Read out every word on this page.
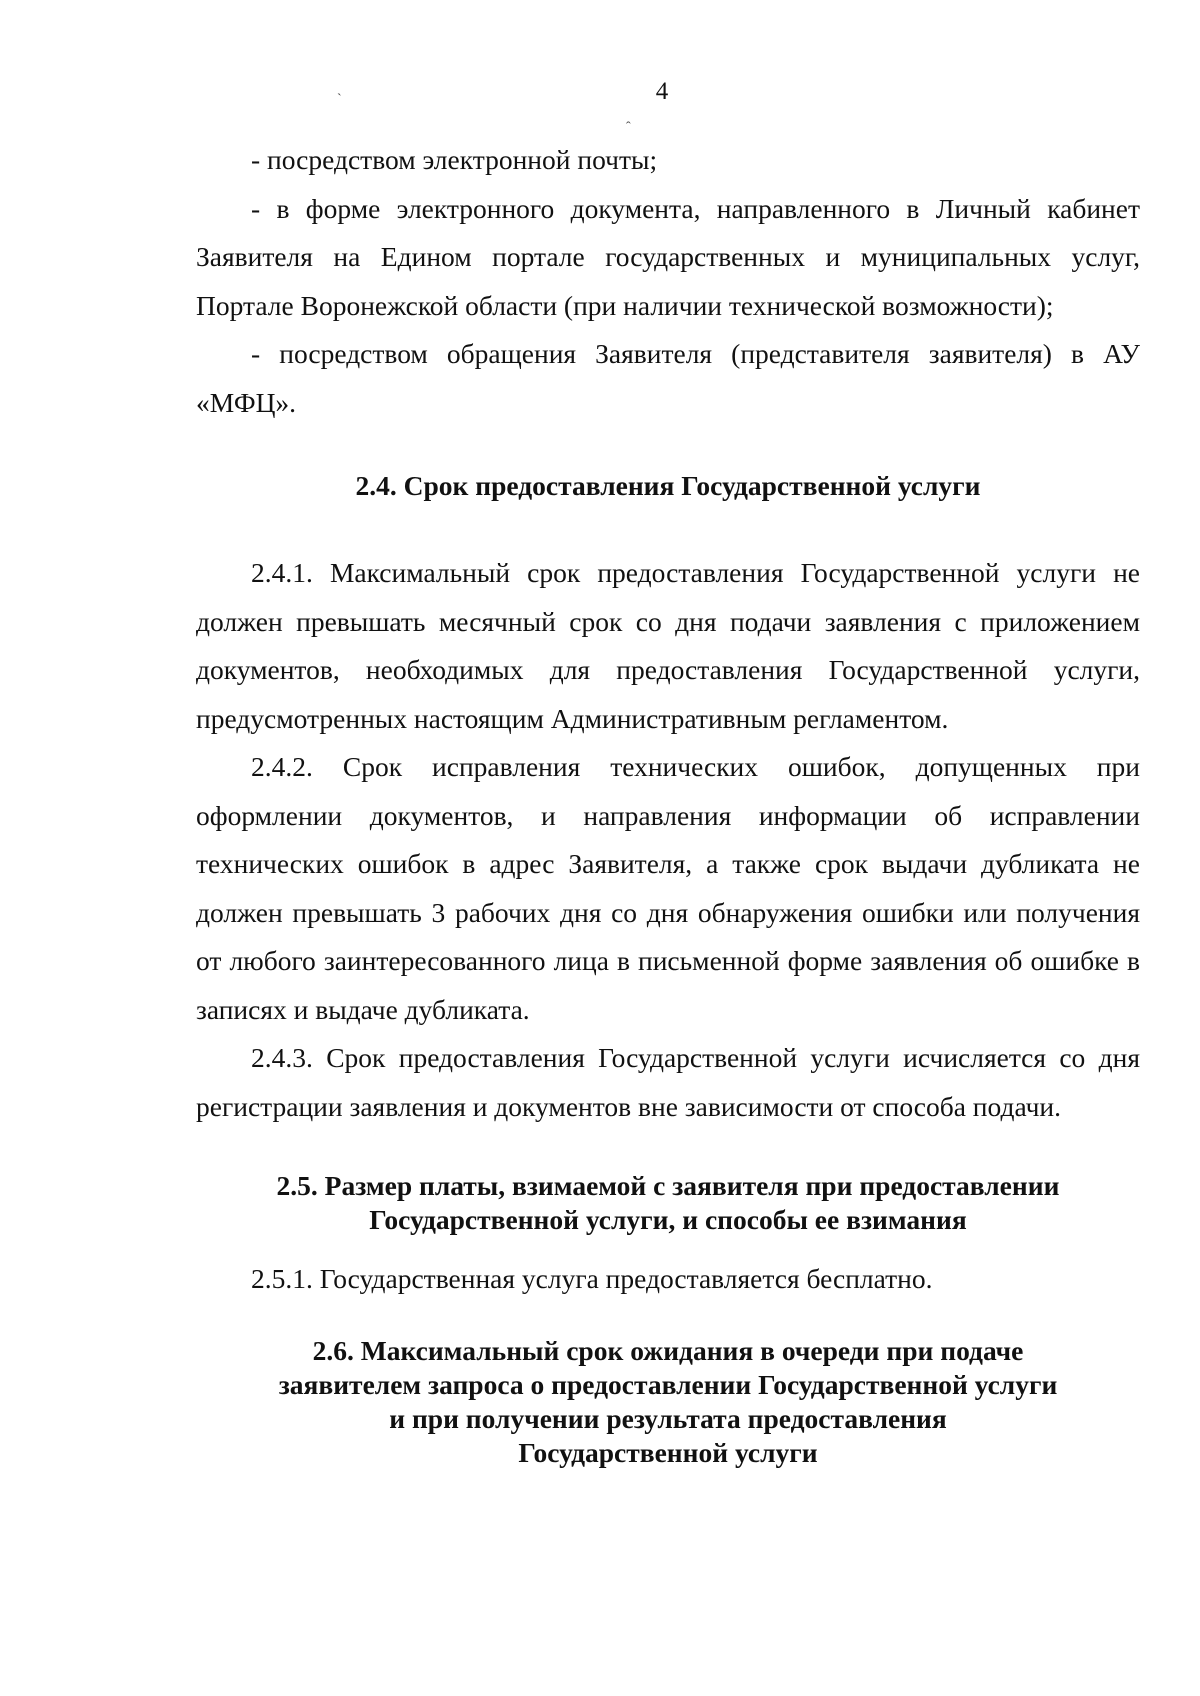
4
ˋ
ˆ

- посредством электронной почты;

- в форме электронного документа, направленного в Личный кабинет Заявителя на Едином портале государственных и муниципальных услуг, Портале Воронежской области (при наличии технической возможности);

- посредством обращения Заявителя (представителя заявителя) в АУ «МФЦ».

2.4. Срок предоставления Государственной услуги

2.4.1. Максимальный срок предоставления Государственной услуги не должен превышать месячный срок со дня подачи заявления с приложением документов, необходимых для предоставления Государственной услуги, предусмотренных настоящим Административным регламентом.

2.4.2. Срок исправления технических ошибок, допущенных при оформлении документов, и направления информации об исправлении технических ошибок в адрес Заявителя, а также срок выдачи дубликата не должен превышать 3 рабочих дня со дня обнаружения ошибки или получения от любого заинтересованного лица в письменной форме заявления об ошибке в записях и выдаче дубликата.

2.4.3. Срок предоставления Государственной услуги исчисляется со дня регистрации заявления и документов вне зависимости от способа подачи.

2.5. Размер платы, взимаемой с заявителя при предоставлении
Государственной услуги, и способы ее взимания

2.5.1. Государственная услуга предоставляется бесплатно.

2.6. Максимальный срок ожидания в очереди при подаче
заявителем запроса о предоставлении Государственной услуги
и при получении результата предоставления
Государственной услуги
